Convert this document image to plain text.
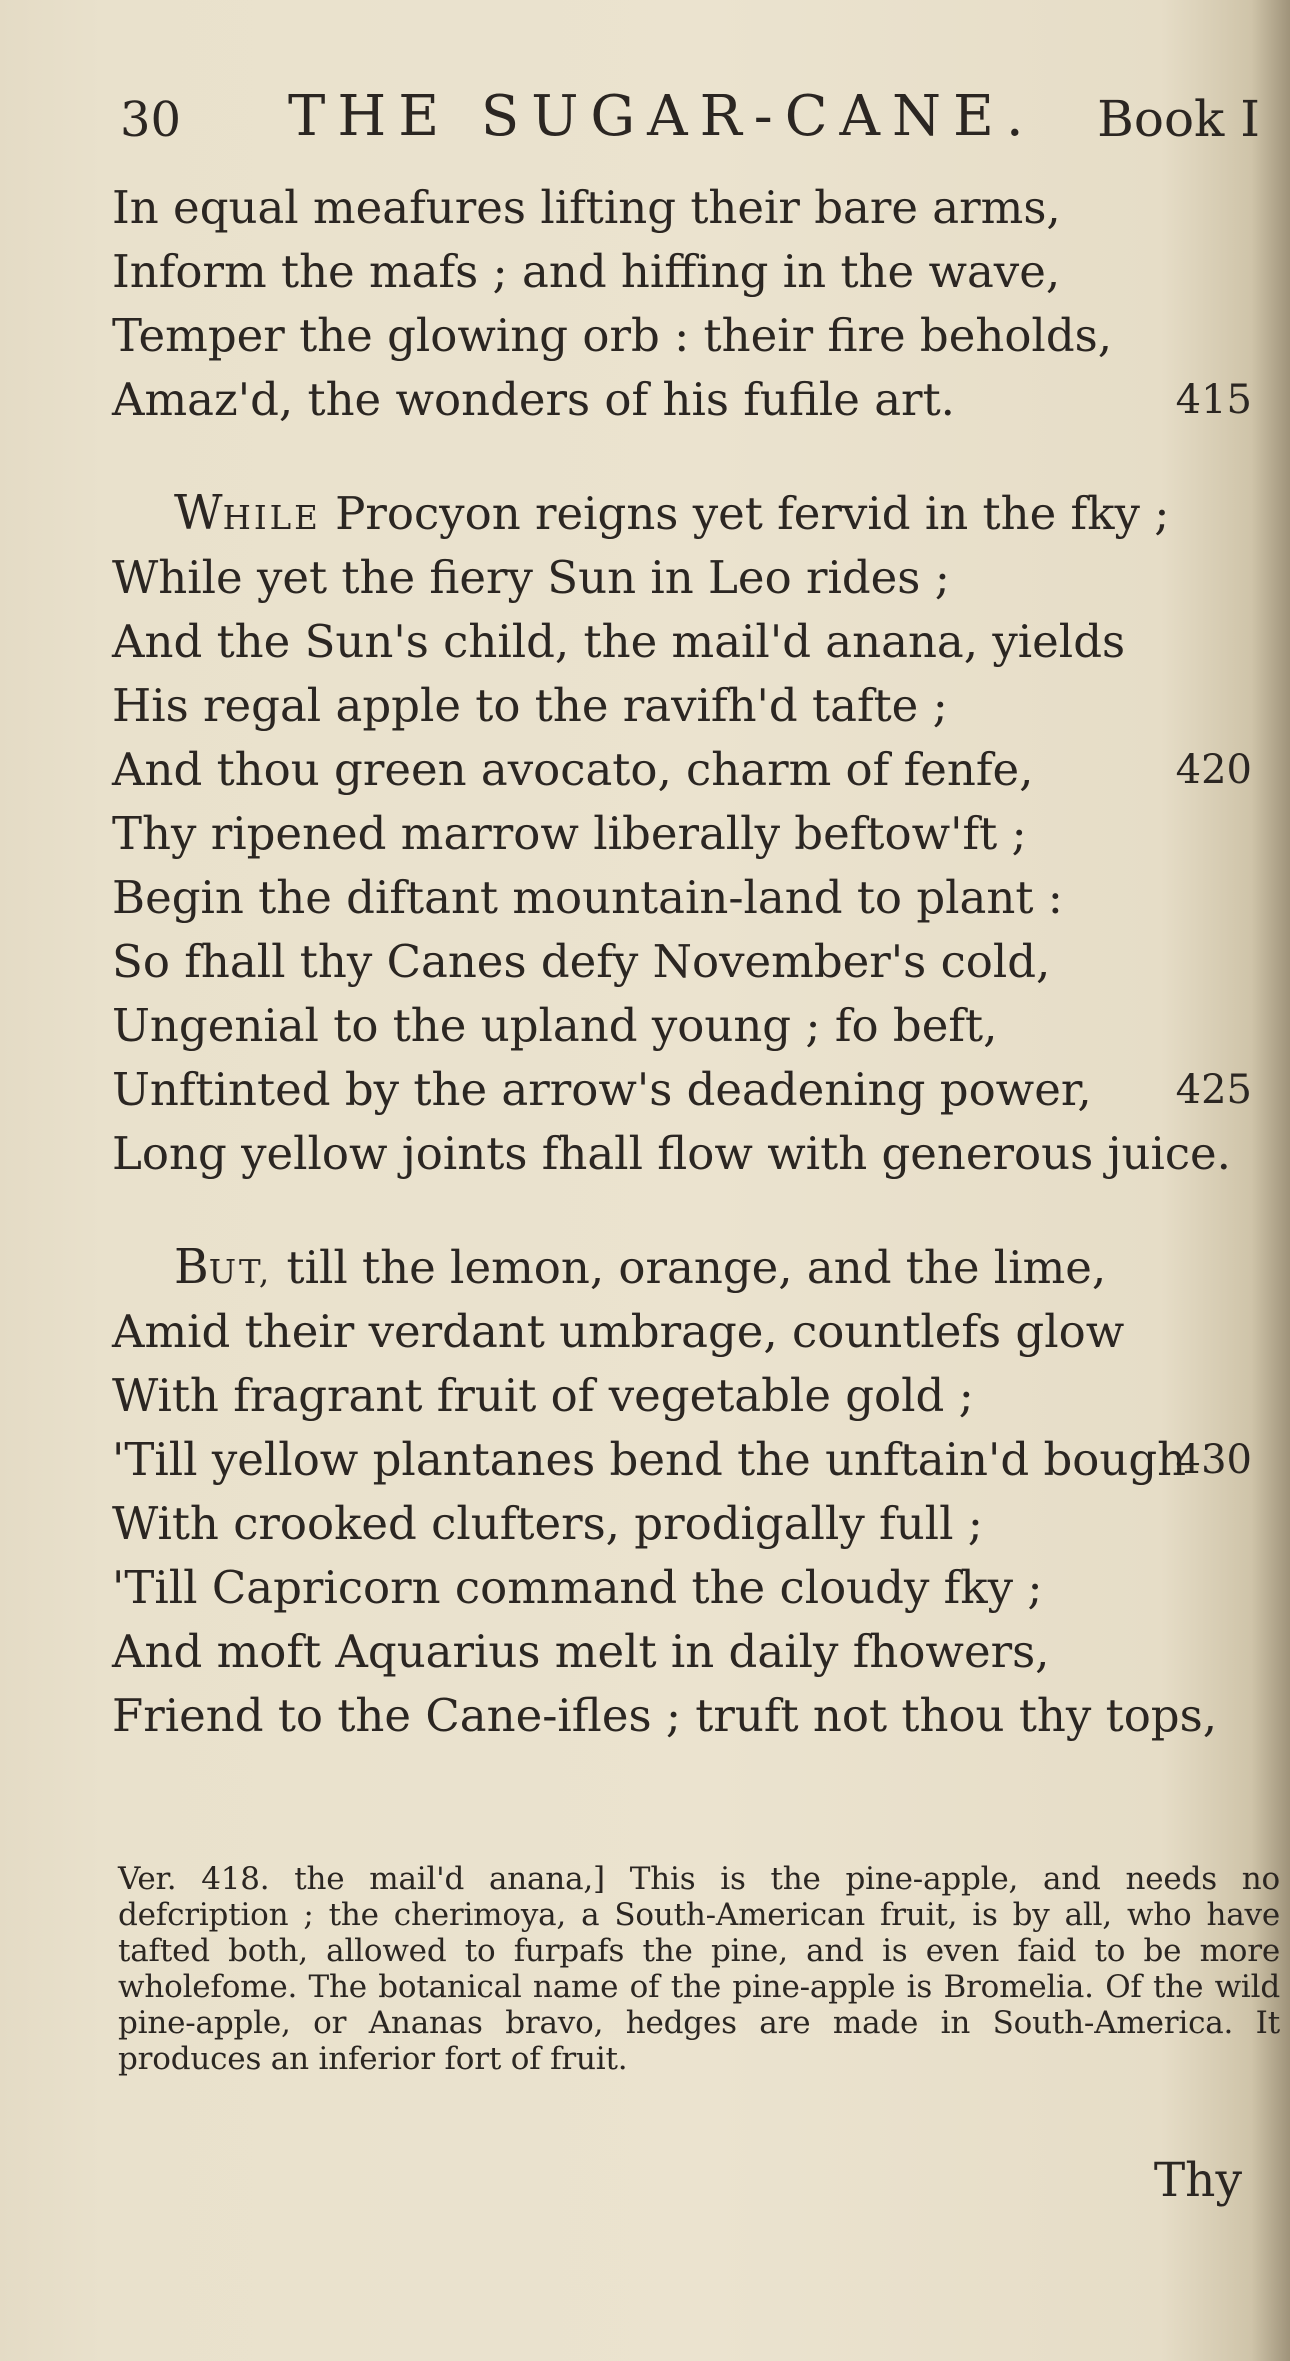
30 THE SUGAR-CANE. Book I
In equal meafures lifting their bare arms,
Inform the mafs ; and hiffing in the wave,
Temper the glowing orb : their fire beholds,
Amaz'd, the wonders of his fufile art.	415
WHILE Procyon reigns yet fervid in the fky ;
While yet the fiery Sun in Leo rides ;
And the Sun's child, the mail'd anana, yields
His regal apple to the ravifh'd tafte ;
And thou green avocato, charm of fenfe,	420
Thy ripened marrow liberally beftow'ft ;
Begin the diftant mountain-land to plant :
So fhall thy Canes defy November's cold,
Ungenial to the upland young ; fo beft,
Unftinted by the arrow's deadening power, 425
Long yellow joints fhall flow with generous juice.
BUT, till the lemon, orange, and the lime,
Amid their verdant umbrage, countlefs glow
With fragrant fruit of vegetable gold ;
'Till yellow plantanes bend the unftain'd bough
430
With crooked clufters, prodigally full ;
'Till Capricorn command the cloudy fky ;
And moft Aquarius melt in daily fhowers,
Friend to the Cane-ifles ; truft not thou thy tops,
Ver. 418. the mail'd anana,] This is the pine-apple, and needs no defcription ; the cherimoya, a South-American fruit, is by all, who have tafted both, allowed to furpafs the pine, and is even faid to be more wholefome. The botanical name of the pine-apple is Bromelia. Of the wild pine-apple, or Ananas bravo, hedges are made in South-America. It produces an inferior fort of fruit.
Thy
